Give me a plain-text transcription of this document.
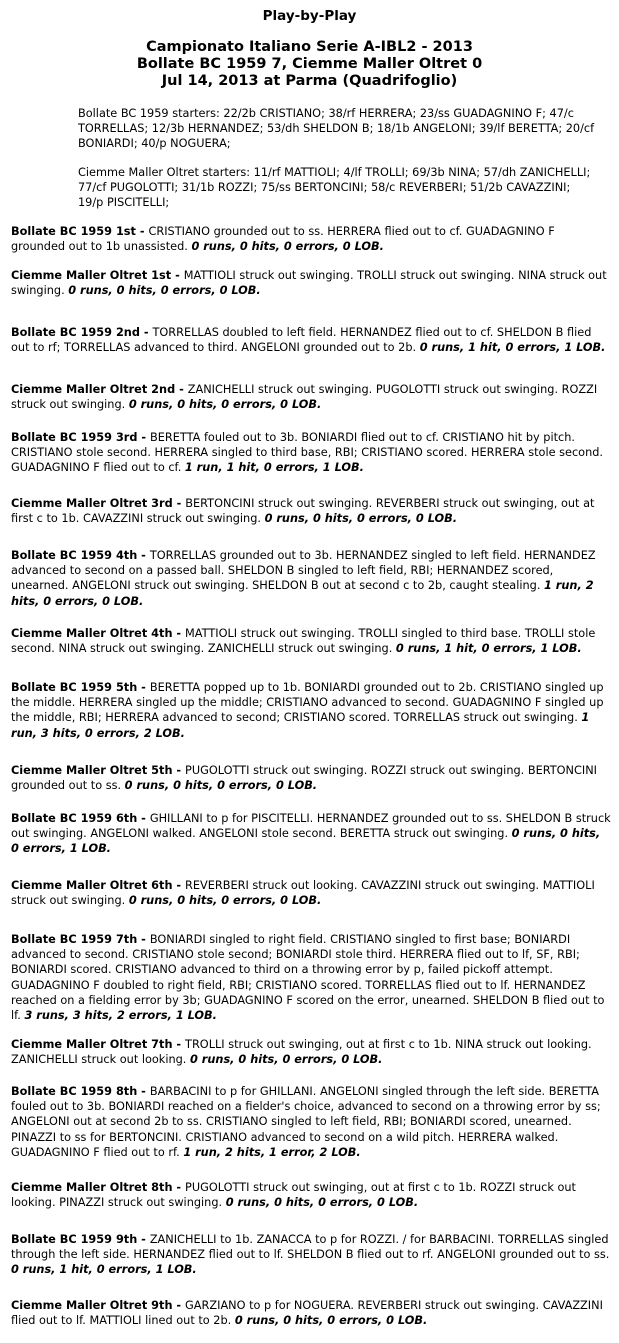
Play-by-Play
Campionato Italiano Serie A-IBL2 - 2013
Bollate BC 1959 7, Ciemme Maller Oltret 0
Jul 14, 2013 at Parma (Quadrifoglio)

Bollate BC 1959 starters: 22/2b CRISTIANO; 38/rf HERRERA; 23/ss GUADAGNINO F; 47/c TORRELLAS; 12/3b HERNANDEZ; 53/dh SHELDON B; 18/1b ANGELONI; 39/lf BERETTA; 20/cf BONIARDI; 40/p NOGUERA;

Ciemme Maller Oltret starters: 11/rf MATTIOLI; 4/lf TROLLI; 69/3b NINA; 57/dh ZANICHELLI; 77/cf PUGOLOTTI; 31/1b ROZZI; 75/ss BERTONCINI; 58/c REVERBERI; 51/2b CAVAZZINI; 19/p PISCITELLI;

Bollate BC 1959 1st - CRISTIANO grounded out to ss. HERRERA flied out to cf. GUADAGNINO F grounded out to 1b unassisted. 0 runs, 0 hits, 0 errors, 0 LOB.

Ciemme Maller Oltret 1st - MATTIOLI struck out swinging. TROLLI struck out swinging. NINA struck out swinging. 0 runs, 0 hits, 0 errors, 0 LOB.

Bollate BC 1959 2nd - TORRELLAS doubled to left field. HERNANDEZ flied out to cf. SHELDON B flied out to rf; TORRELLAS advanced to third. ANGELONI grounded out to 2b. 0 runs, 1 hit, 0 errors, 1 LOB.

Ciemme Maller Oltret 2nd - ZANICHELLI struck out swinging. PUGOLOTTI struck out swinging. ROZZI struck out swinging. 0 runs, 0 hits, 0 errors, 0 LOB.

Bollate BC 1959 3rd - BERETTA fouled out to 3b. BONIARDI flied out to cf. CRISTIANO hit by pitch. CRISTIANO stole second. HERRERA singled to third base, RBI; CRISTIANO scored. HERRERA stole second. GUADAGNINO F flied out to cf. 1 run, 1 hit, 0 errors, 1 LOB.

Ciemme Maller Oltret 3rd - BERTONCINI struck out swinging. REVERBERI struck out swinging, out at first c to 1b. CAVAZZINI struck out swinging. 0 runs, 0 hits, 0 errors, 0 LOB.

Bollate BC 1959 4th - TORRELLAS grounded out to 3b. HERNANDEZ singled to left field. HERNANDEZ advanced to second on a passed ball. SHELDON B singled to left field, RBI; HERNANDEZ scored, unearned. ANGELONI struck out swinging. SHELDON B out at second c to 2b, caught stealing. 1 run, 2 hits, 0 errors, 0 LOB.

Ciemme Maller Oltret 4th - MATTIOLI struck out swinging. TROLLI singled to third base. TROLLI stole second. NINA struck out swinging. ZANICHELLI struck out swinging. 0 runs, 1 hit, 0 errors, 1 LOB.

Bollate BC 1959 5th - BERETTA popped up to 1b. BONIARDI grounded out to 2b. CRISTIANO singled up the middle. HERRERA singled up the middle; CRISTIANO advanced to second. GUADAGNINO F singled up the middle, RBI; HERRERA advanced to second; CRISTIANO scored. TORRELLAS struck out swinging. 1 run, 3 hits, 0 errors, 2 LOB.

Ciemme Maller Oltret 5th - PUGOLOTTI struck out swinging. ROZZI struck out swinging. BERTONCINI grounded out to ss. 0 runs, 0 hits, 0 errors, 0 LOB.

Bollate BC 1959 6th - GHILLANI to p for PISCITELLI. HERNANDEZ grounded out to ss. SHELDON B struck out swinging. ANGELONI walked. ANGELONI stole second. BERETTA struck out swinging. 0 runs, 0 hits, 0 errors, 1 LOB.

Ciemme Maller Oltret 6th - REVERBERI struck out looking. CAVAZZINI struck out swinging. MATTIOLI struck out swinging. 0 runs, 0 hits, 0 errors, 0 LOB.

Bollate BC 1959 7th - BONIARDI singled to right field. CRISTIANO singled to first base; BONIARDI advanced to second. CRISTIANO stole second; BONIARDI stole third. HERRERA flied out to lf, SF, RBI; BONIARDI scored. CRISTIANO advanced to third on a throwing error by p, failed pickoff attempt. GUADAGNINO F doubled to right field, RBI; CRISTIANO scored. TORRELLAS flied out to lf. HERNANDEZ reached on a fielding error by 3b; GUADAGNINO F scored on the error, unearned. SHELDON B flied out to lf. 3 runs, 3 hits, 2 errors, 1 LOB.

Ciemme Maller Oltret 7th - TROLLI struck out swinging, out at first c to 1b. NINA struck out looking. ZANICHELLI struck out looking. 0 runs, 0 hits, 0 errors, 0 LOB.

Bollate BC 1959 8th - BARBACINI to p for GHILLANI. ANGELONI singled through the left side. BERETTA fouled out to 3b. BONIARDI reached on a fielder's choice, advanced to second on a throwing error by ss; ANGELONI out at second 2b to ss. CRISTIANO singled to left field, RBI; BONIARDI scored, unearned. PINAZZI to ss for BERTONCINI. CRISTIANO advanced to second on a wild pitch. HERRERA walked. GUADAGNINO F flied out to rf. 1 run, 2 hits, 1 error, 2 LOB.

Ciemme Maller Oltret 8th - PUGOLOTTI struck out swinging, out at first c to 1b. ROZZI struck out looking. PINAZZI struck out swinging. 0 runs, 0 hits, 0 errors, 0 LOB.

Bollate BC 1959 9th - ZANICHELLI to 1b. ZANACCA to p for ROZZI. / for BARBACINI. TORRELLAS singled through the left side. HERNANDEZ flied out to lf. SHELDON B flied out to rf. ANGELONI grounded out to ss. 0 runs, 1 hit, 0 errors, 1 LOB.

Ciemme Maller Oltret 9th - GARZIANO to p for NOGUERA. REVERBERI struck out swinging. CAVAZZINI flied out to lf. MATTIOLI lined out to 2b. 0 runs, 0 hits, 0 errors, 0 LOB.
